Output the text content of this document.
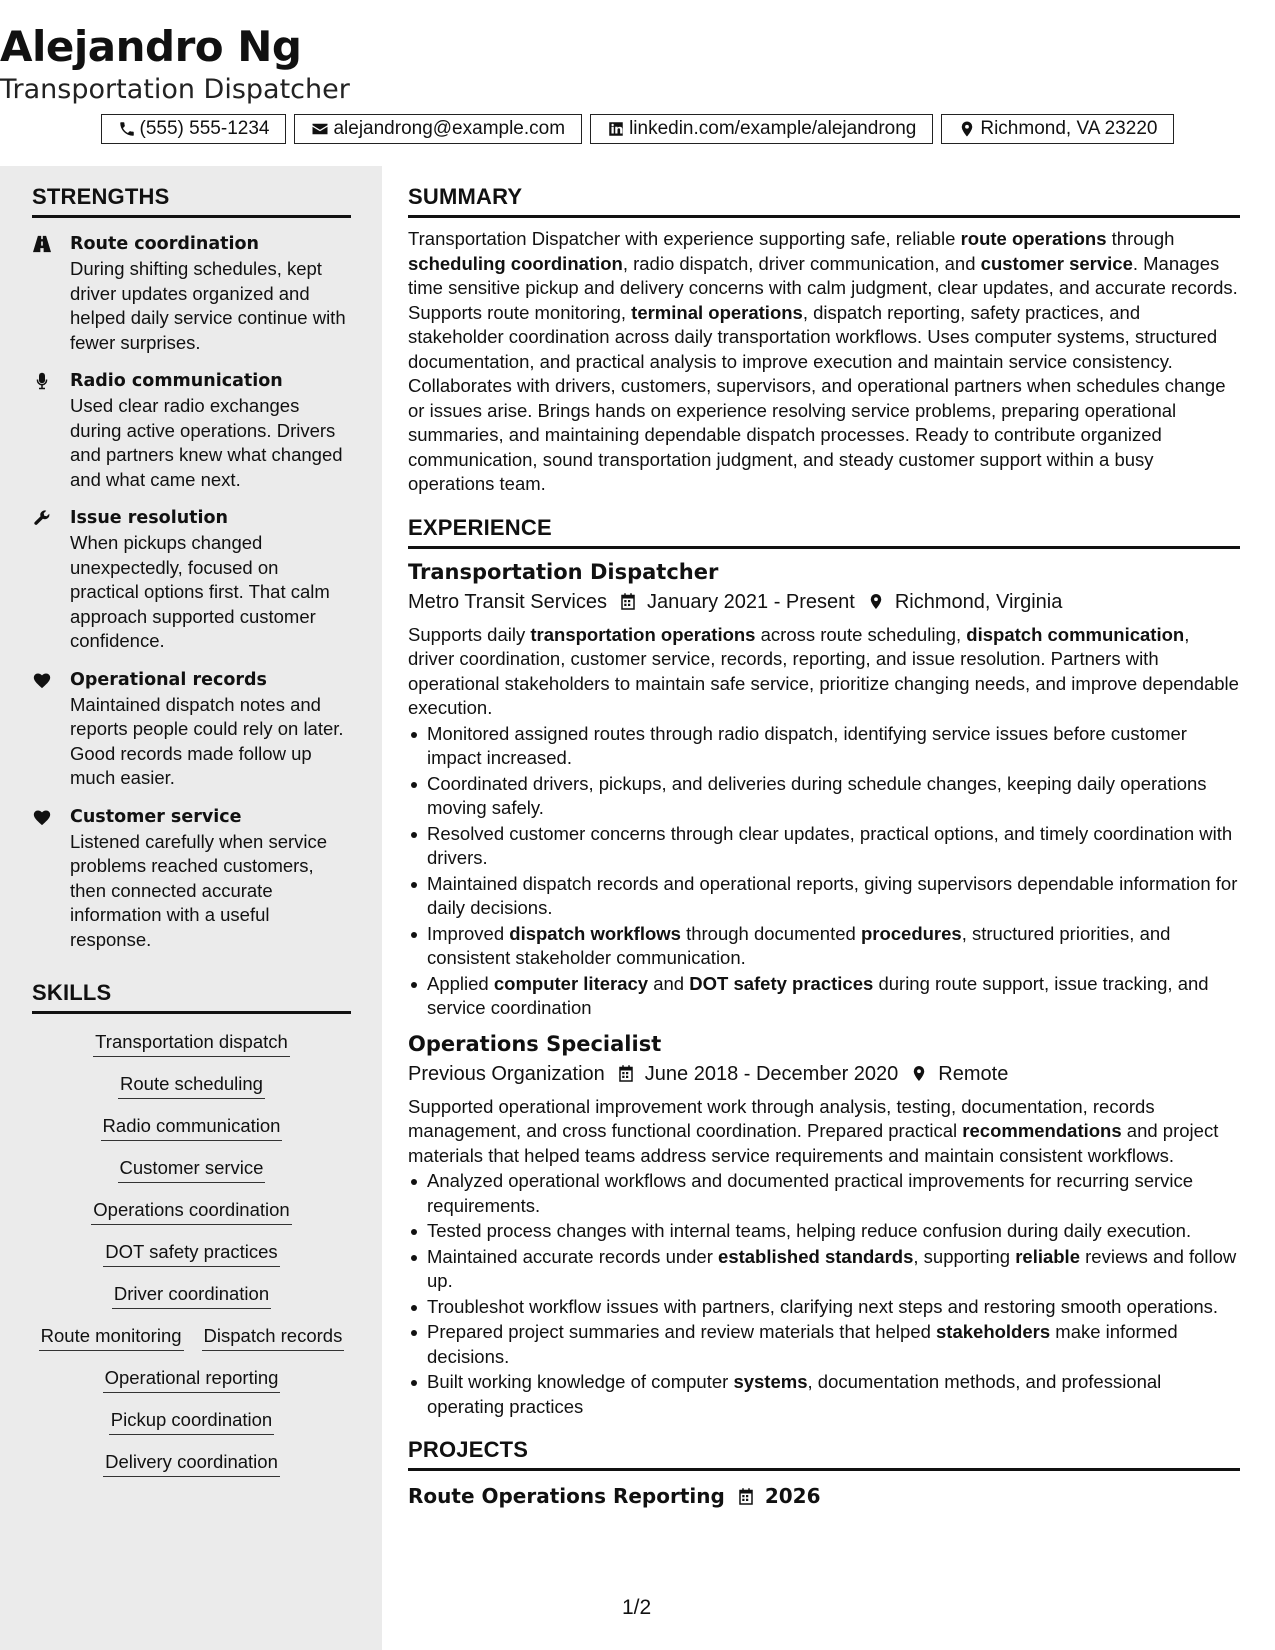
Alejandro Ng
Transportation Dispatcher
(555) 555-1234	alejandrong@example.com	linkedin.com/example/alejandrong	Richmond, VA 23220
STRENGTHS
Route coordination
During shifting schedules, kept driver updates organized and helped daily service continue with fewer surprises.
Radio communication
Used clear radio exchanges during active operations. Drivers and partners knew what changed and what came next.
Issue resolution
When pickups changed unexpectedly, focused on practical options first. That calm approach supported customer confidence.
Operational records
Maintained dispatch notes and reports people could rely on later. Good records made follow up much easier.
Customer service
Listened carefully when service problems reached customers, then connected accurate information with a useful response.
SKILLS
Transportation dispatch
Route scheduling
Radio communication
Customer service
Operations coordination
DOT safety practices
Driver coordination
Route monitoring Dispatch records
Operational reporting
Pickup coordination
Delivery coordination
SUMMARY

Transportation Dispatcher with experience supporting safe, reliable route operations through scheduling coordination, radio dispatch, driver communication, and customer service. Manages time sensitive pickup and delivery concerns with calm judgment, clear updates, and accurate records. Supports route monitoring, terminal operations, dispatch reporting, safety practices, and stakeholder coordination across daily transportation workflows. Uses computer systems, structured documentation, and practical analysis to improve execution and maintain service consistency. Collaborates with drivers, customers, supervisors, and operational partners when schedules change or issues arise. Brings hands on experience resolving service problems, preparing operational summaries, and maintaining dependable dispatch processes. Ready to contribute organized communication, sound transportation judgment, and steady customer support within a busy operations team.

EXPERIENCE
Transportation Dispatcher
Metro Transit Services January 2021 - Present Richmond, Virginia

Supports daily transportation operations across route scheduling, dispatch communication, driver coordination, customer service, records, reporting, and issue resolution. Partners with operational stakeholders to maintain safe service, prioritize changing needs, and improve dependable execution.

Monitored assigned routes through radio dispatch, identifying service issues before customer impact increased.
Coordinated drivers, pickups, and deliveries during schedule changes, keeping daily operations moving safely.
Resolved customer concerns through clear updates, practical options, and timely coordination with drivers.
Maintained dispatch records and operational reports, giving supervisors dependable information for daily decisions.
Improved dispatch workflows through documented procedures, structured priorities, and consistent stakeholder communication.
Applied computer literacy and DOT safety practices during route support, issue tracking, and service coordination
Operations Specialist
Previous Organization June 2018 - December 2020 Remote

Supported operational improvement work through analysis, testing, documentation, records management, and cross functional coordination. Prepared practical recommendations and project materials that helped teams address service requirements and maintain consistent workflows.

Analyzed operational workflows and documented practical improvements for recurring service requirements.
Tested process changes with internal teams, helping reduce confusion during daily execution.
Maintained accurate records under established standards, supporting reliable reviews and follow up.
Troubleshot workflow issues with partners, clarifying next steps and restoring smooth operations.
Prepared project summaries and review materials that helped stakeholders make informed decisions.
Built working knowledge of computer systems, documentation methods, and professional operating practices
PROJECTS
Route Operations Reporting 2026
1/2
